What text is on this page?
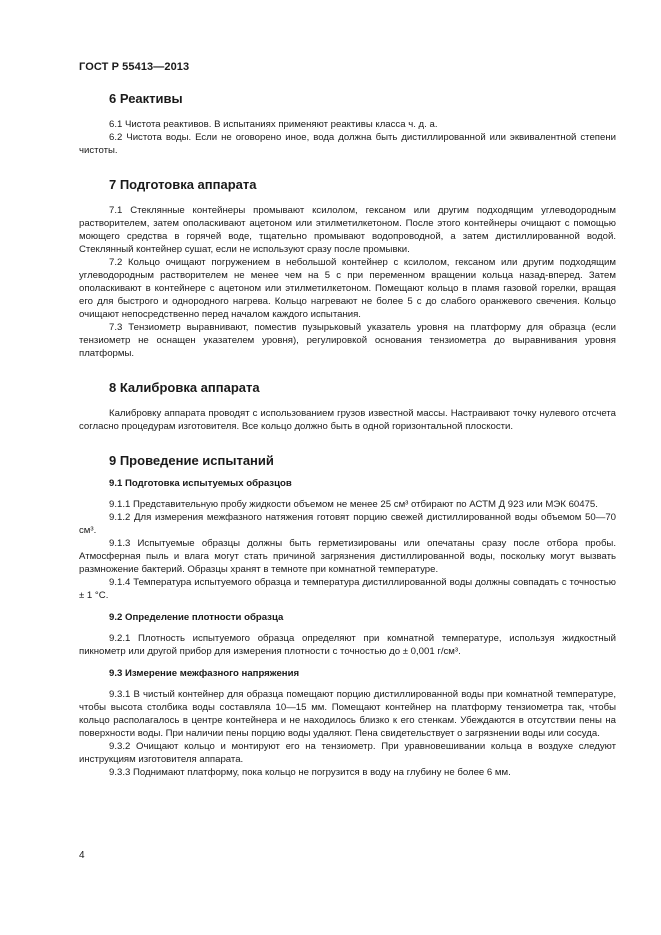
ГОСТ Р 55413—2013
6 Реактивы

6.1 Чистота реактивов. В испытаниях применяют реактивы класса ч. д. а.

6.2 Чистота воды. Если не оговорено иное, вода должна быть дистиллированной или эквивалентной степени чистоты.

7 Подготовка аппарата

7.1 Стеклянные контейнеры промывают ксилолом, гексаном или другим подходящим углеводородным растворителем, затем ополаскивают ацетоном или этилметилкетоном. После этого контейнеры очищают с помощью моющего средства в горячей воде, тщательно промывают водопроводной, а затем дистиллированной водой. Стеклянный контейнер сушат, если не используют сразу после промывки.

7.2 Кольцо очищают погружением в небольшой контейнер с ксилолом, гексаном или другим подходящим углеводородным растворителем не менее чем на 5 с при переменном вращении кольца назад-вперед. Затем ополаскивают в контейнере с ацетоном или этилметилкетоном. Помещают кольцо в пламя газовой горелки, вращая его для быстрого и однородного нагрева. Кольцо нагревают не более 5 с до слабого оранжевого свечения. Кольцо очищают непосредственно перед началом каждого испытания.

7.3 Тензиометр выравнивают, поместив пузырьковый указатель уровня на платформу для образца (если тензиометр не оснащен указателем уровня), регулировкой основания тензиометра до выравнивания уровня платформы.

8 Калибровка аппарата

Калибровку аппарата проводят с использованием грузов известной массы. Настраивают точку нулевого отсчета согласно процедурам изготовителя. Все кольцо должно быть в одной горизонтальной плоскости.

9 Проведение испытаний
9.1 Подготовка испытуемых образцов

9.1.1 Представительную пробу жидкости объемом не менее 25 см³ отбирают по АСТМ Д 923 или МЭК 60475.

9.1.2 Для измерения межфазного натяжения готовят порцию свежей дистиллированной воды объемом 50—70 см³.

9.1.3 Испытуемые образцы должны быть герметизированы или опечатаны сразу после отбора пробы. Атмосферная пыль и влага могут стать причиной загрязнения дистиллированной воды, поскольку могут вызвать размножение бактерий. Образцы хранят в темноте при комнатной температуре.

9.1.4 Температура испытуемого образца и температура дистиллированной воды должны совпадать с точностью ± 1 °С.

9.2 Определение плотности образца

9.2.1 Плотность испытуемого образца определяют при комнатной температуре, используя жидкостный пикнометр или другой прибор для измерения плотности с точностью до ± 0,001 г/см³.

9.3 Измерение межфазного напряжения

9.3.1 В чистый контейнер для образца помещают порцию дистиллированной воды при комнатной температуре, чтобы высота столбика воды составляла 10—15 мм. Помещают контейнер на платформу тензиометра так, чтобы кольцо располагалось в центре контейнера и не находилось близко к его стенкам. Убеждаются в отсутствии пены на поверхности воды. При наличии пены порцию воды удаляют. Пена свидетельствует о загрязнении воды или сосуда.

9.3.2 Очищают кольцо и монтируют его на тензиометр. При уравновешивании кольца в воздухе следуют инструкциям изготовителя аппарата.

9.3.3 Поднимают платформу, пока кольцо не погрузится в воду на глубину не более 6 мм.

4
